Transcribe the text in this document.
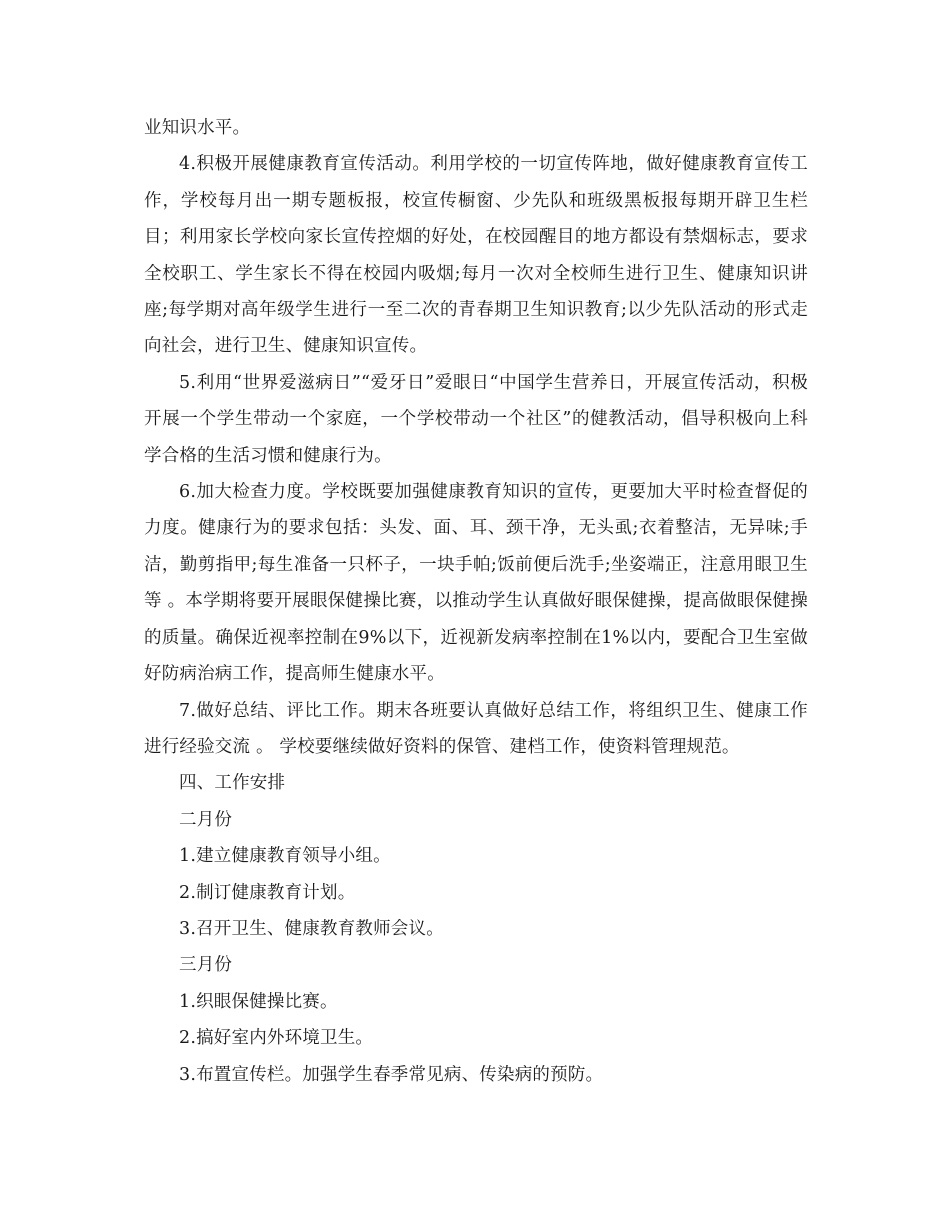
业知识水平。

4.积极开展健康教育宣传活动。利用学校的一切宣传阵地，做好健康教育宣传工作，学校每月出一期专题板报，校宣传橱窗、少先队和班级黑板报每期开辟卫生栏目；利用家长学校向家长宣传控烟的好处，在校园醒目的地方都设有禁烟标志，要求全校职工、学生家长不得在校园内吸烟;每月一次对全校师生进行卫生、健康知识讲座;每学期对高年级学生进行一至二次的青春期卫生知识教育;以少先队活动的形式走向社会，进行卫生、健康知识宣传。

5.利用“世界爱滋病日”“爱牙日”爱眼日“中国学生营养日，开展宣传活动，积极开展一个学生带动一个家庭，一个学校带动一个社区”的健教活动，倡导积极向上科学合格的生活习惯和健康行为。

6.加大检查力度。学校既要加强健康教育知识的宣传，更要加大平时检查督促的力度。健康行为的要求包括：头发、面、耳、颈干净，无头虱;衣着整洁，无异味;手洁，勤剪指甲;每生准备一只杯子，一块手帕;饭前便后洗手;坐姿端正，注意用眼卫生等 。本学期将要开展眼保健操比赛，以推动学生认真做好眼保健操，提高做眼保健操的质量。确保近视率控制在9%以下，近视新发病率控制在1%以内，要配合卫生室做好防病治病工作，提高师生健康水平。

7.做好总结、评比工作。期末各班要认真做好总结工作，将组织卫生、健康工作进行经验交流 。 学校要继续做好资料的保管、建档工作，使资料管理规范。

四、工作安排

二月份

1.建立健康教育领导小组。

2.制订健康教育计划。

3.召开卫生、健康教育教师会议。

三月份

1.织眼保健操比赛。

2.搞好室内外环境卫生。

3.布置宣传栏。加强学生春季常见病、传染病的预防。
